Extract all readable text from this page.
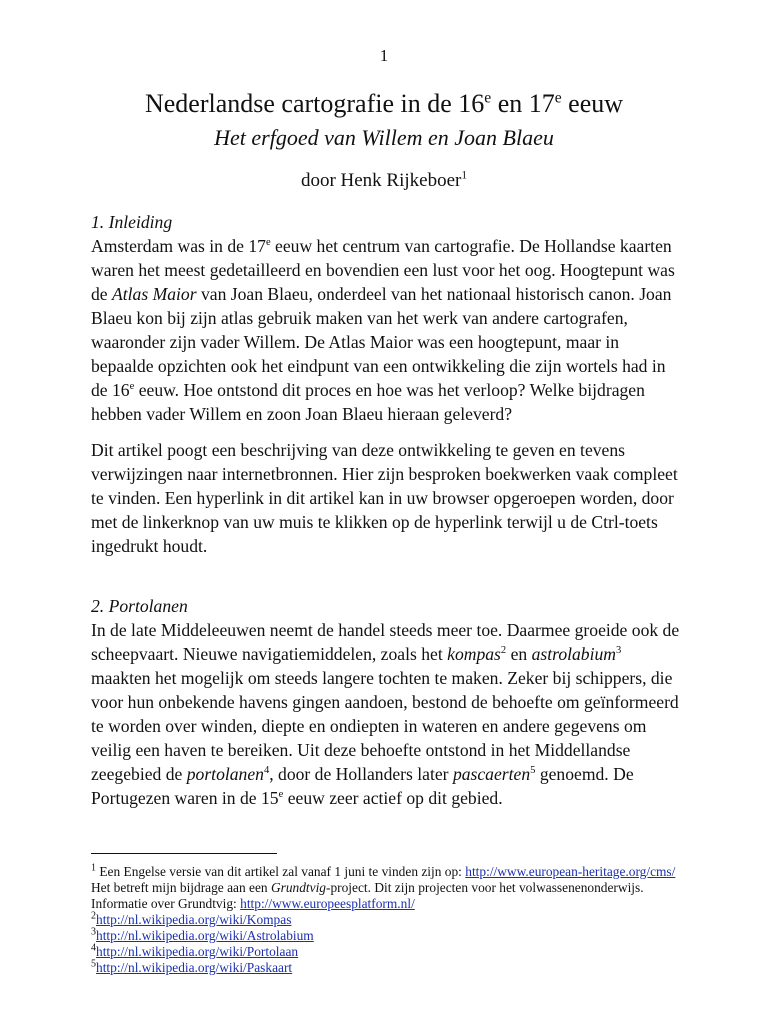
1
Nederlandse cartografie in de 16e en 17e eeuw
Het erfgoed van Willem en Joan Blaeu
door Henk Rijkeboer$^1$
1. Inleiding

Amsterdam was in de 17e eeuw het centrum van cartografie. De Hollandse kaarten waren het meest gedetailleerd en bovendien een lust voor het oog. Hoogtepunt was de Atlas Maior van Joan Blaeu, onderdeel van het nationaal historisch canon. Joan Blaeu kon bij zijn atlas gebruik maken van het werk van andere cartografen, waaronder zijn vader Willem. De Atlas Maior was een hoogtepunt, maar in bepaalde opzichten ook het eindpunt van een ontwikkeling die zijn wortels had in de 16e eeuw. Hoe ontstond dit proces en hoe was het verloop? Welke bijdragen hebben vader Willem en zoon Joan Blaeu hieraan geleverd?

Dit artikel poogt een beschrijving van deze ontwikkeling te geven en tevens verwijzingen naar internetbronnen. Hier zijn besproken boekwerken vaak compleet te vinden. Een hyperlink in dit artikel kan in uw browser opgeroepen worden, door met de linkerknop van uw muis te klikken op de hyperlink terwijl u de Ctrl-toets ingedrukt houdt.

2. Portolanen

In de late Middeleeuwen neemt de handel steeds meer toe. Daarmee groeide ook de scheepvaart. Nieuwe navigatiemiddelen, zoals het kompas$^2$ en astrolabium$^3$ maakten het mogelijk om steeds langere tochten te maken. Zeker bij schippers, die voor hun onbekende havens gingen aandoen, bestond de behoefte om geïnformeerd te worden over winden, diepte en ondiepten in wateren en andere gegevens om veilig een haven te bereiken. Uit deze behoefte ontstond in het Middellandse zeegebied de portolanen$^4$, door de Hollanders later pascaerten$^5$ genoemd. De Portugezen waren in de 15e eeuw zeer actief op dit gebied.

$^1$ Een Engelse versie van dit artikel zal vanaf 1 juni te vinden zijn op: http://www.european-heritage.org/cms/

Het betreft mijn bijdrage aan een Grundtvig-project. Dit zijn projecten voor het volwassenenonderwijs. Informatie over Grundtvig: http://www.europeesplatform.nl/

$^2$http://nl.wikipedia.org/wiki/Kompas

$^3$http://nl.wikipedia.org/wiki/Astrolabium

$^4$http://nl.wikipedia.org/wiki/Portolaan

$^5$http://nl.wikipedia.org/wiki/Paskaart
